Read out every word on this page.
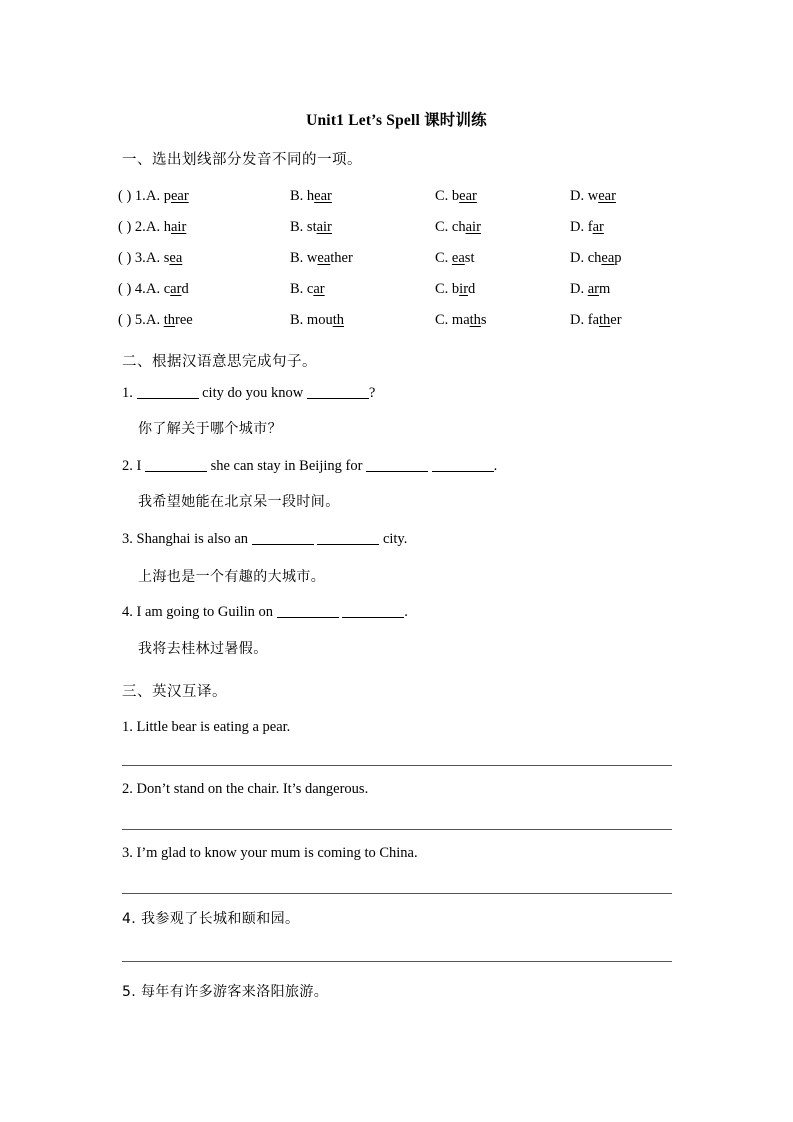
Unit1 Let’s Spell 课时训练
一、选出划线部分发音不同的一项。
( ) 1. A. pear	B. hear	C. bear	D. wear
( ) 2. A. hair	B. stair	C. chair	D. far
( ) 3. A. sea	B. weather	C. east	D. cheap
( ) 4. A. card	B. car	C. bird	D. arm
( ) 5. A. three	B. mouth	C. maths	D. father
二、根据汉语意思完成句子。
1.	city do you know	?
你了解关于哪个城市？
2. I	she can stay in Beijing for	.
我希望她能在北京呆一段时间。
3. Shanghai is also an	city.
上海也是一个有趣的大城市。
4. I am going to Guilin on	.
我将去桂林过暑假。
三、英汉互译。
1. Little bear is eating a pear.
2. Don’t stand on the chair. It’s dangerous.
3. I’m glad to know your mum is coming to China.
4. 我参观了长城和颐和园。
5. 每年有许多游客来洛阳旅游。
